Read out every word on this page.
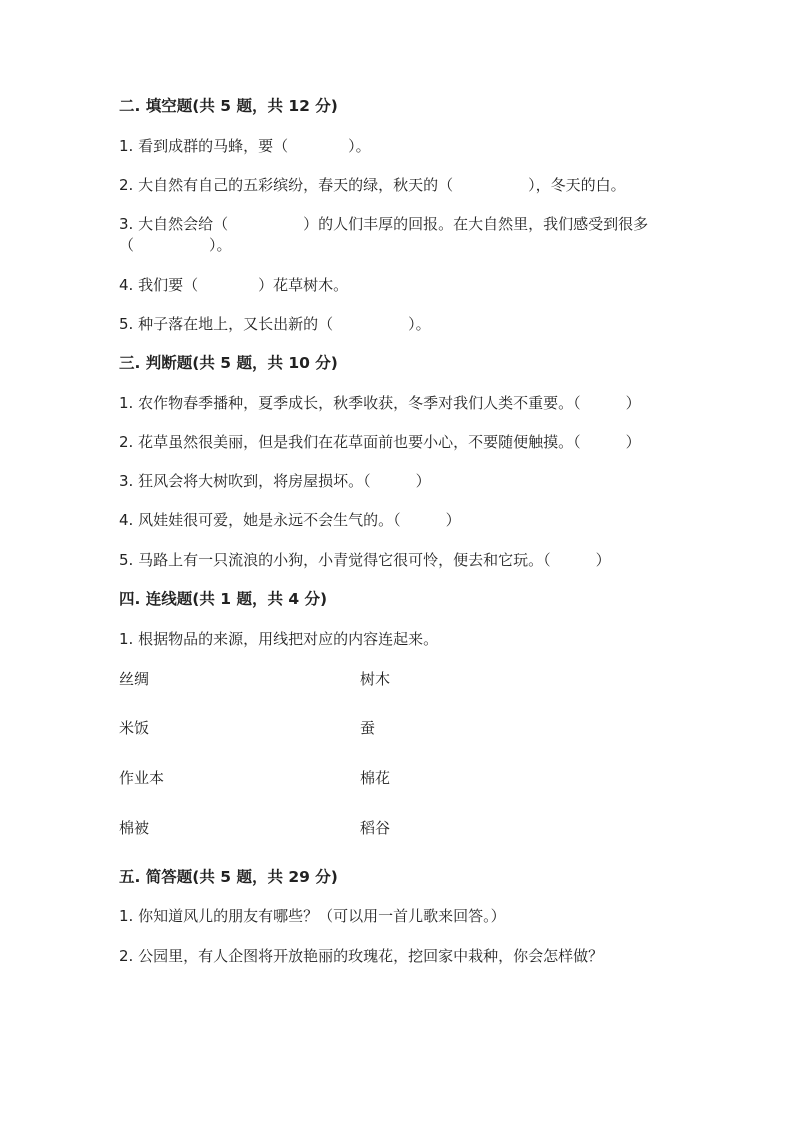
二. 填空题(共 5 题，共 12 分)
1. 看到成群的马蜂，要（　　　　）。
2. 大自然有自己的五彩缤纷，春天的绿，秋天的（　　　　　），冬天的白。
3. 大自然会给（　　　　　）的人们丰厚的回报。在大自然里，我们感受到很多
（　　　　　）。
4. 我们要（　　　　）花草树木。
5. 种子落在地上，又长出新的（　　　　　）。
三. 判断题(共 5 题，共 10 分)
1. 农作物春季播种，夏季成长，秋季收获，冬季对我们人类不重要。（　　　）
2. 花草虽然很美丽，但是我们在花草面前也要小心，不要随便触摸。（　　　）
3. 狂风会将大树吹到，将房屋损坏。（　　　）
4. 风娃娃很可爱，她是永远不会生气的。（　　　）
5. 马路上有一只流浪的小狗，小青觉得它很可怜，便去和它玩。（　　　）
四. 连线题(共 1 题，共 4 分)
1. 根据物品的来源，用线把对应的内容连起来。
丝绸	树木
米饭	蚕
作业本	棉花
棉被	稻谷
五. 简答题(共 5 题，共 29 分)
1. 你知道风儿的朋友有哪些？（可以用一首儿歌来回答。）
2. 公园里，有人企图将开放艳丽的玫瑰花，挖回家中栽种，你会怎样做？
